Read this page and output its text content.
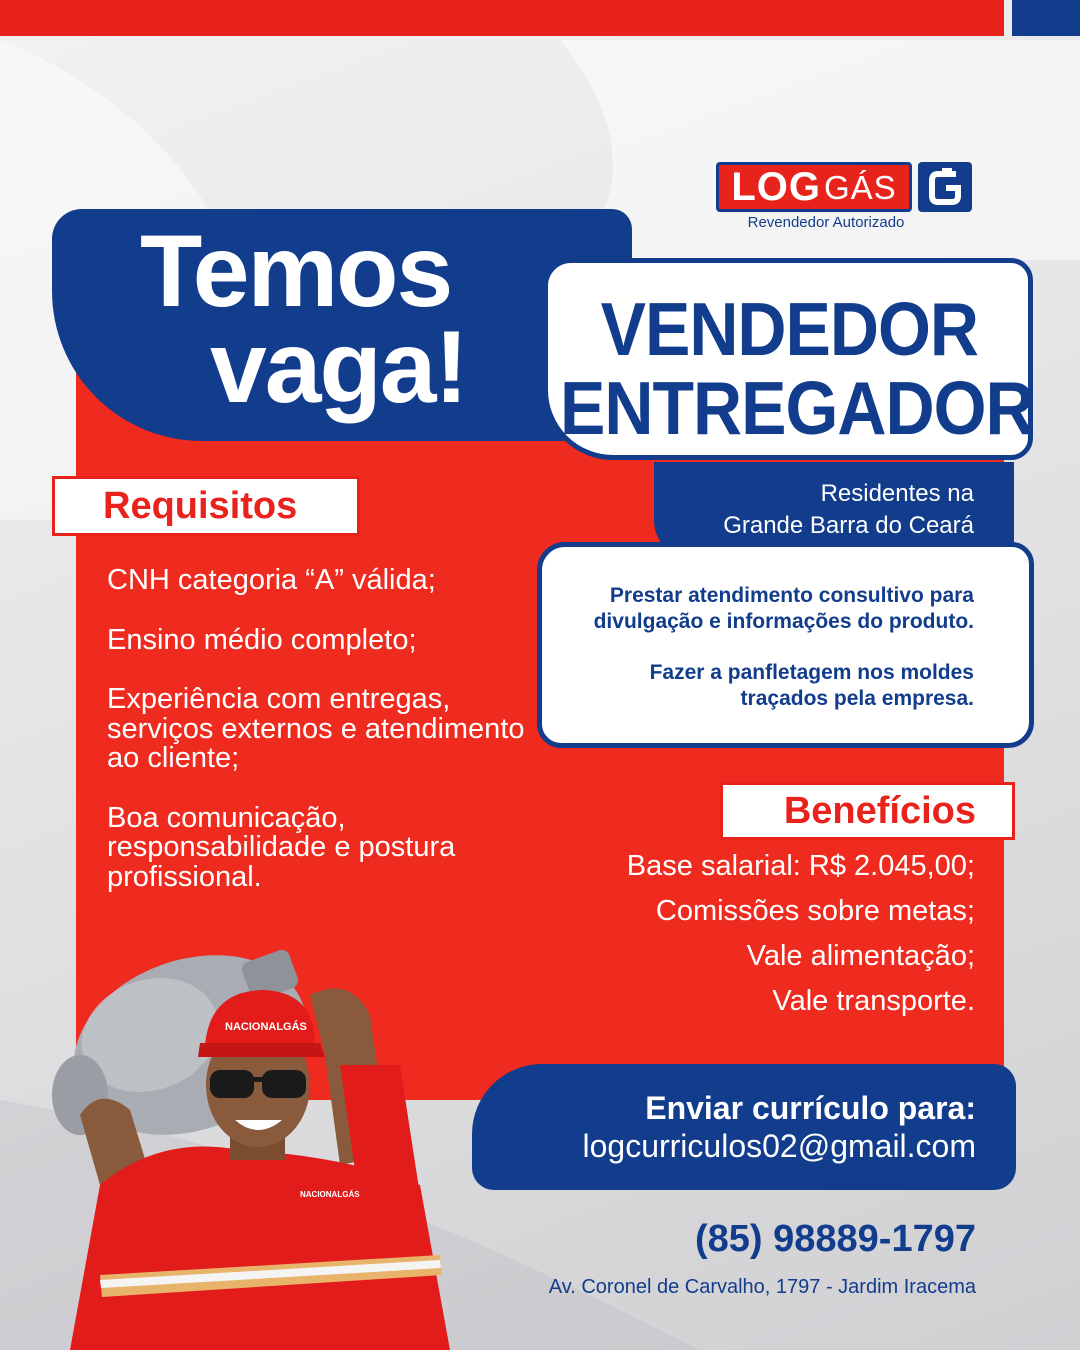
LOG GÁS
Revendedor Autorizado
Temos
vaga!	VENDEDOR
ENTREGADOR
Residentes na
Grande Barra do Ceará
Prestar atendimento consultivo para divulgação e informações do produto.
Fazer a panfletagem nos moldes traçados pela empresa.
Requisitos
CNH categoria “A” válida;
Ensino médio completo;
Experiência com entregas, serviços externos e atendimento ao cliente;
Boa comunicação, responsabilidade e postura profissional.
Benefícios
Base salarial: R$ 2.045,00;
Comissões sobre metas;
Vale alimentação;
Vale transporte.
Enviar currículo para:
logcurriculos02@gmail.com
(85) 98889-1797
Av. Coronel de Carvalho, 1797 - Jardim Iracema
NACIONALGÁS
NACIONALGÁS
